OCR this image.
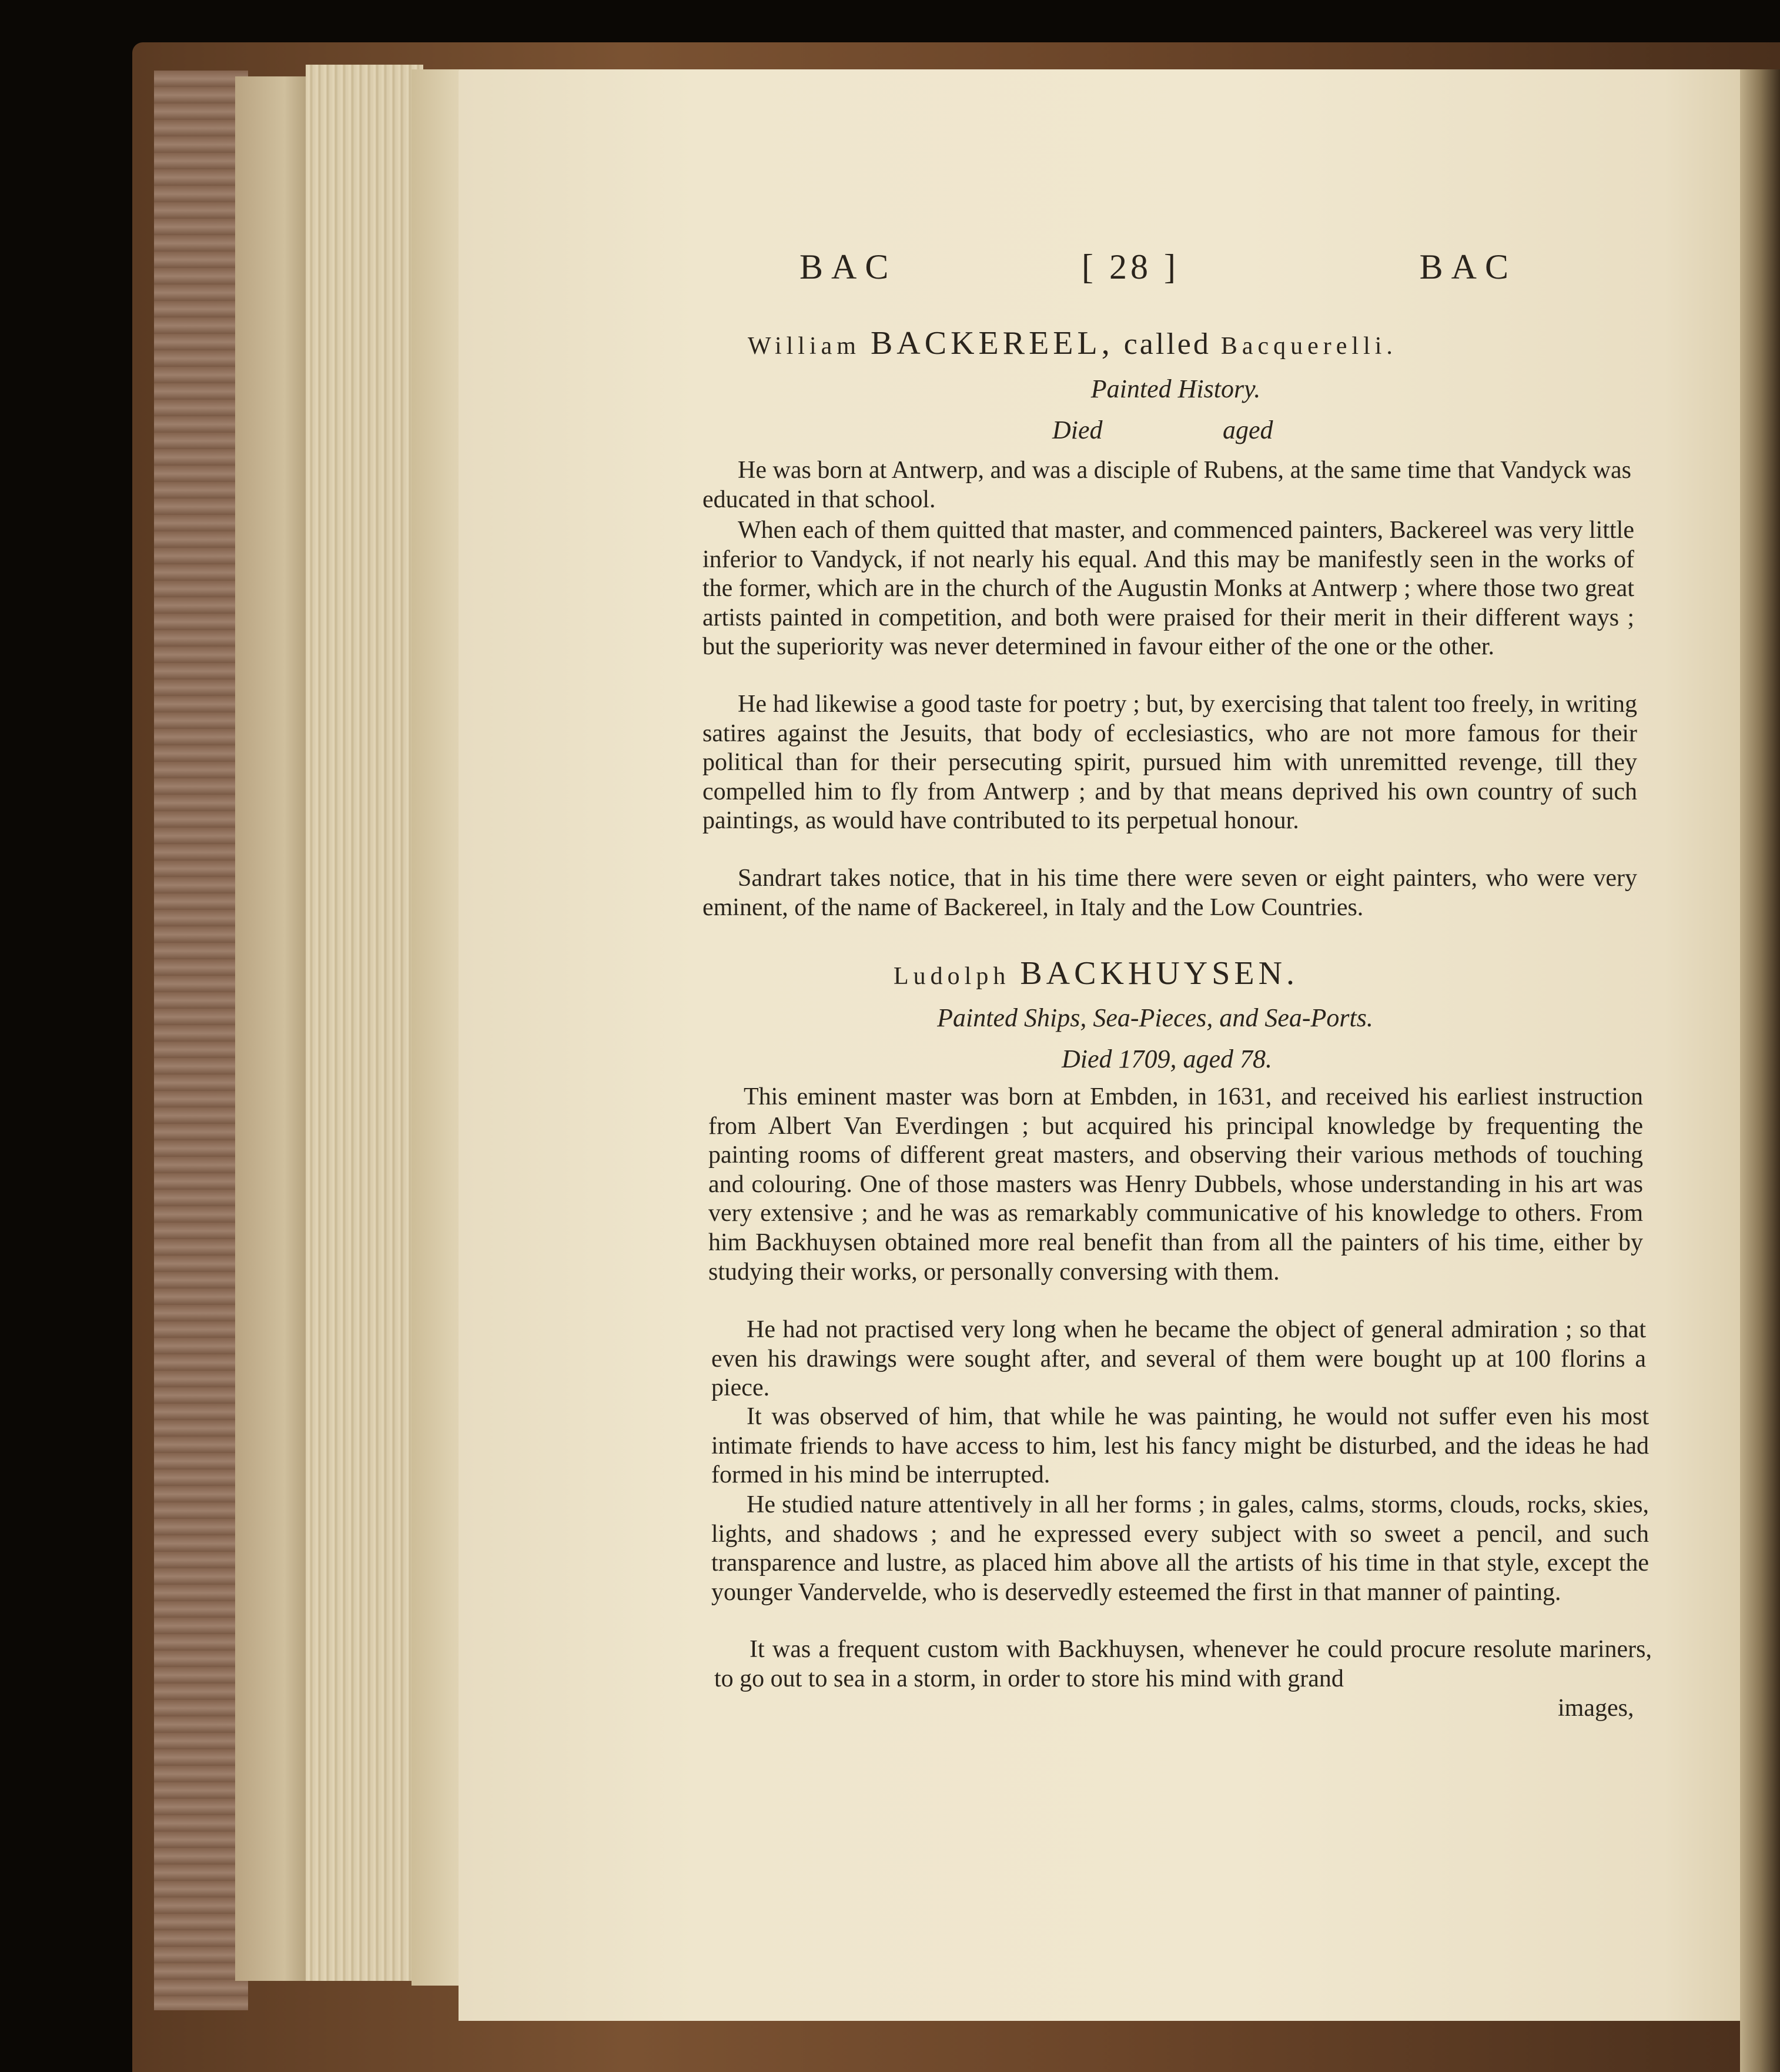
BAC	[ 28 ]	BAC
William BACKEREEL, called Bacquerelli.
Painted History.
Died	aged
He was born at Antwerp, and was a disciple of Rubens, at the same time that Vandyck was educated in that school.
When each of them quitted that master, and commenced painters, Backereel was very little inferior to Vandyck, if not nearly his equal. And this may be manifestly seen in the works of the former, which are in the church of the Augustin Monks at Antwerp ; where those two great artists painted in competition, and both were praised for their merit in their different ways ; but the superiority was never determined in favour either of the one or the other.
He had likewise a good taste for poetry ; but, by exercising that talent too freely, in writing satires against the Jesuits, that body of ecclesiastics, who are not more famous for their political than for their persecuting spirit, pursued him with unremitted revenge, till they compelled him to fly from Antwerp ; and by that means deprived his own country of such paintings, as would have contributed to its perpetual honour.
Sandrart takes notice, that in his time there were seven or eight painters, who were very eminent, of the name of Backereel, in Italy and the Low Countries.
Ludolph BACKHUYSEN.
Painted Ships, Sea-Pieces, and Sea-Ports.
Died 1709, aged 78.
This eminent master was born at Embden, in 1631, and received his earliest instruction from Albert Van Everdingen ; but acquired his principal knowledge by frequenting the painting rooms of different great masters, and observing their various methods of touching and colouring. One of those masters was Henry Dubbels, whose understanding in his art was very extensive ; and he was as remarkably communicative of his knowledge to others. From him Backhuysen obtained more real benefit than from all the painters of his time, either by studying their works, or personally conversing with them.
He had not practised very long when he became the object of general admiration ; so that even his drawings were sought after, and several of them were bought up at 100 florins a piece.
It was observed of him, that while he was painting, he would not suffer even his most intimate friends to have access to him, lest his fancy might be disturbed, and the ideas he had formed in his mind be interrupted.
He studied nature attentively in all her forms ; in gales, calms, storms, clouds, rocks, skies, lights, and shadows ; and he expressed every subject with so sweet a pencil, and such transparence and lustre, as placed him above all the artists of his time in that style, except the younger Vandervelde, who is deservedly esteemed the first in that manner of painting.
It was a frequent custom with Backhuysen, whenever he could procure resolute mariners, to go out to sea in a storm, in order to store his mind with grand
images,
